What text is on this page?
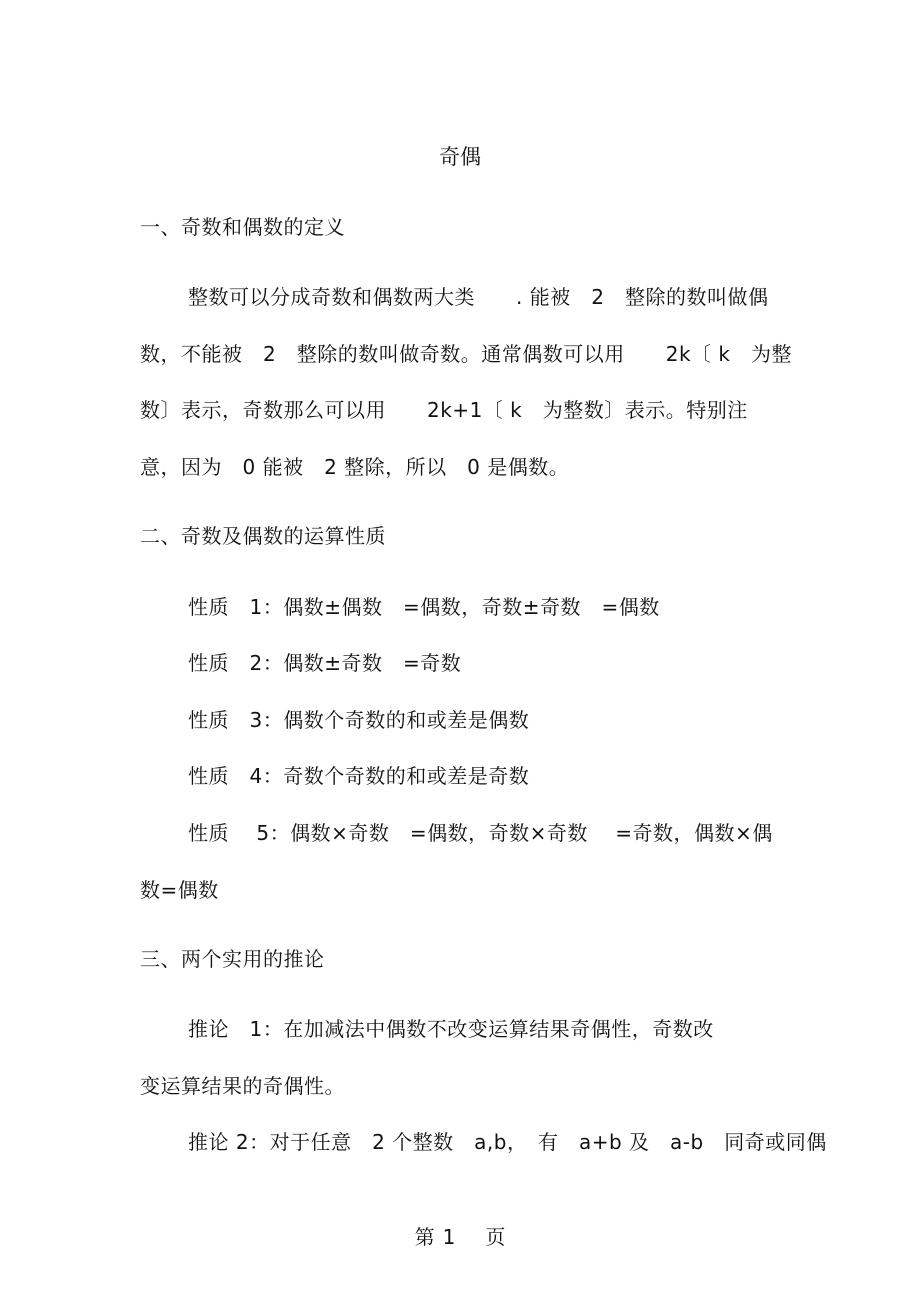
奇偶
一、奇数和偶数的定义
整数可以分成奇数和偶数两大类　　. 能被　2　整除的数叫做偶
数，不能被　2　整除的数叫做奇数。通常偶数可以用　　2k〔 k　为整
数〕表示，奇数那么可以用　　2k+1〔 k　为整数〕表示。特别注
意，因为　0 能被　2 整除，所以　0 是偶数。
二、奇数及偶数的运算性质
性质　1：偶数±偶数　=偶数，奇数±奇数　=偶数
性质　2：偶数±奇数　=奇数
性质　3：偶数个奇数的和或差是偶数
性质　4：奇数个奇数的和或差是奇数
性质　 5：偶数×奇数　=偶数，奇数×奇数　 =奇数，偶数×偶
数=偶数
三、两个实用的推论
推论　1：在加减法中偶数不改变运算结果奇偶性，奇数改
变运算结果的奇偶性。
推论 2：对于任意　2 个整数　a,b，　有　a+b 及　a-b　同奇或同偶
第 1 页
